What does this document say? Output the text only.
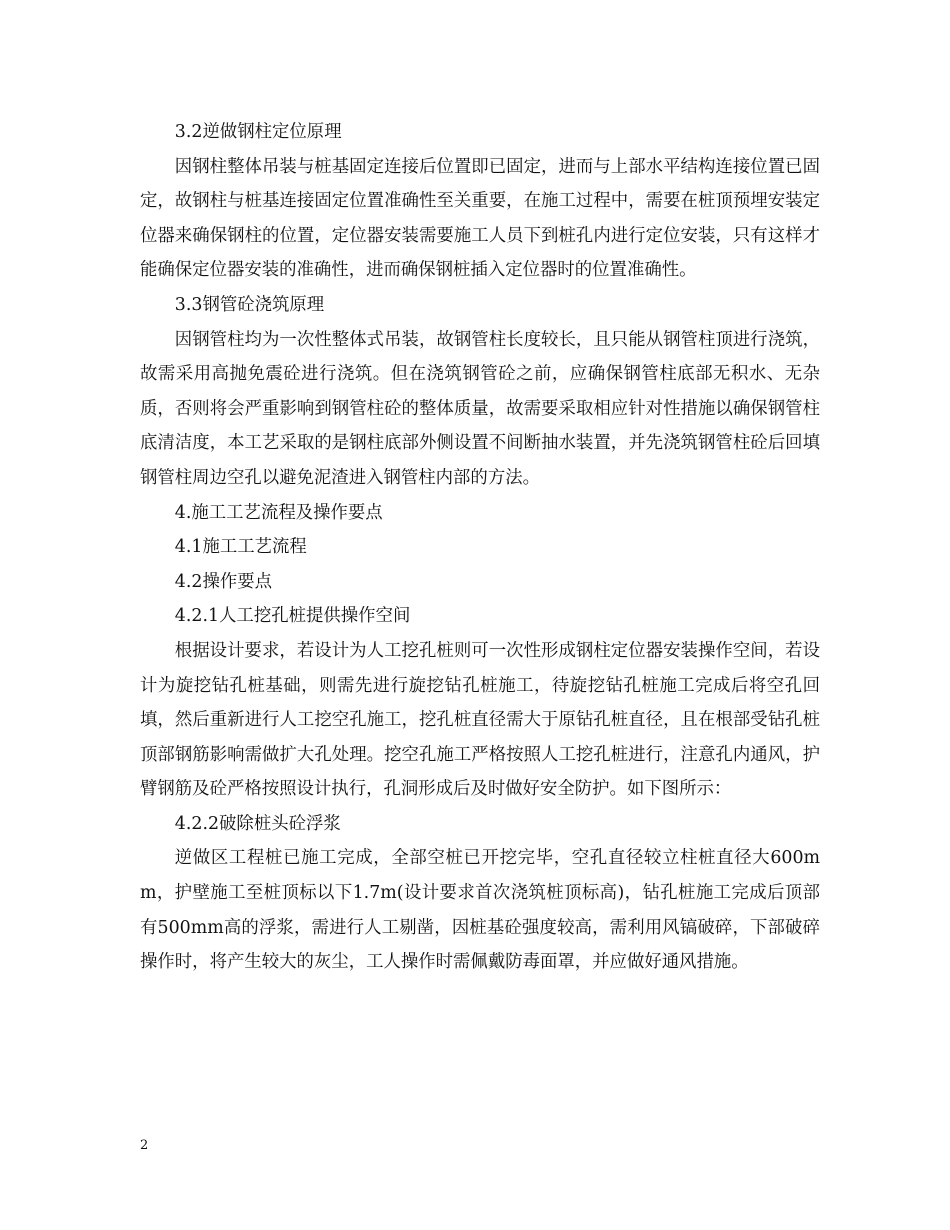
3.2逆做钢柱定位原理

因钢柱整体吊装与桩基固定连接后位置即已固定，进而与上部水平结构连接位置已固定，故钢柱与桩基连接固定位置准确性至关重要，在施工过程中，需要在桩顶预埋安装定位器来确保钢柱的位置，定位器安装需要施工人员下到桩孔内进行定位安装，只有这样才能确保定位器安装的准确性，进而确保钢桩插入定位器时的位置准确性。

3.3钢管砼浇筑原理

因钢管柱均为一次性整体式吊装，故钢管柱长度较长，且只能从钢管柱顶进行浇筑，故需采用高抛免震砼进行浇筑。但在浇筑钢管砼之前，应确保钢管柱底部无积水、无杂质，否则将会严重影响到钢管柱砼的整体质量，故需要采取相应针对性措施以确保钢管柱底清洁度，本工艺采取的是钢柱底部外侧设置不间断抽水装置，并先浇筑钢管柱砼后回填钢管柱周边空孔以避免泥渣进入钢管柱内部的方法。

4.施工工艺流程及操作要点

4.1施工工艺流程

4.2操作要点

4.2.1人工挖孔桩提供操作空间

根据设计要求，若设计为人工挖孔桩则可一次性形成钢柱定位器安装操作空间，若设计为旋挖钻孔桩基础，则需先进行旋挖钻孔桩施工，待旋挖钻孔桩施工完成后将空孔回填，然后重新进行人工挖空孔施工，挖孔桩直径需大于原钻孔桩直径，且在根部受钻孔桩顶部钢筋影响需做扩大孔处理。挖空孔施工严格按照人工挖孔桩进行，注意孔内通风，护臂钢筋及砼严格按照设计执行，孔洞形成后及时做好安全防护。如下图所示：

4.2.2破除桩头砼浮浆

逆做区工程桩已施工完成，全部空桩已开挖完毕，空孔直径较立柱桩直径大600mm，护壁施工至桩顶标以下1.7m(设计要求首次浇筑桩顶标高)，钻孔桩施工完成后顶部有500mm高的浮浆，需进行人工剔凿，因桩基砼强度较高，需利用风镐破碎，下部破碎操作时，将产生较大的灰尘，工人操作时需佩戴防毒面罩，并应做好通风措施。

2
